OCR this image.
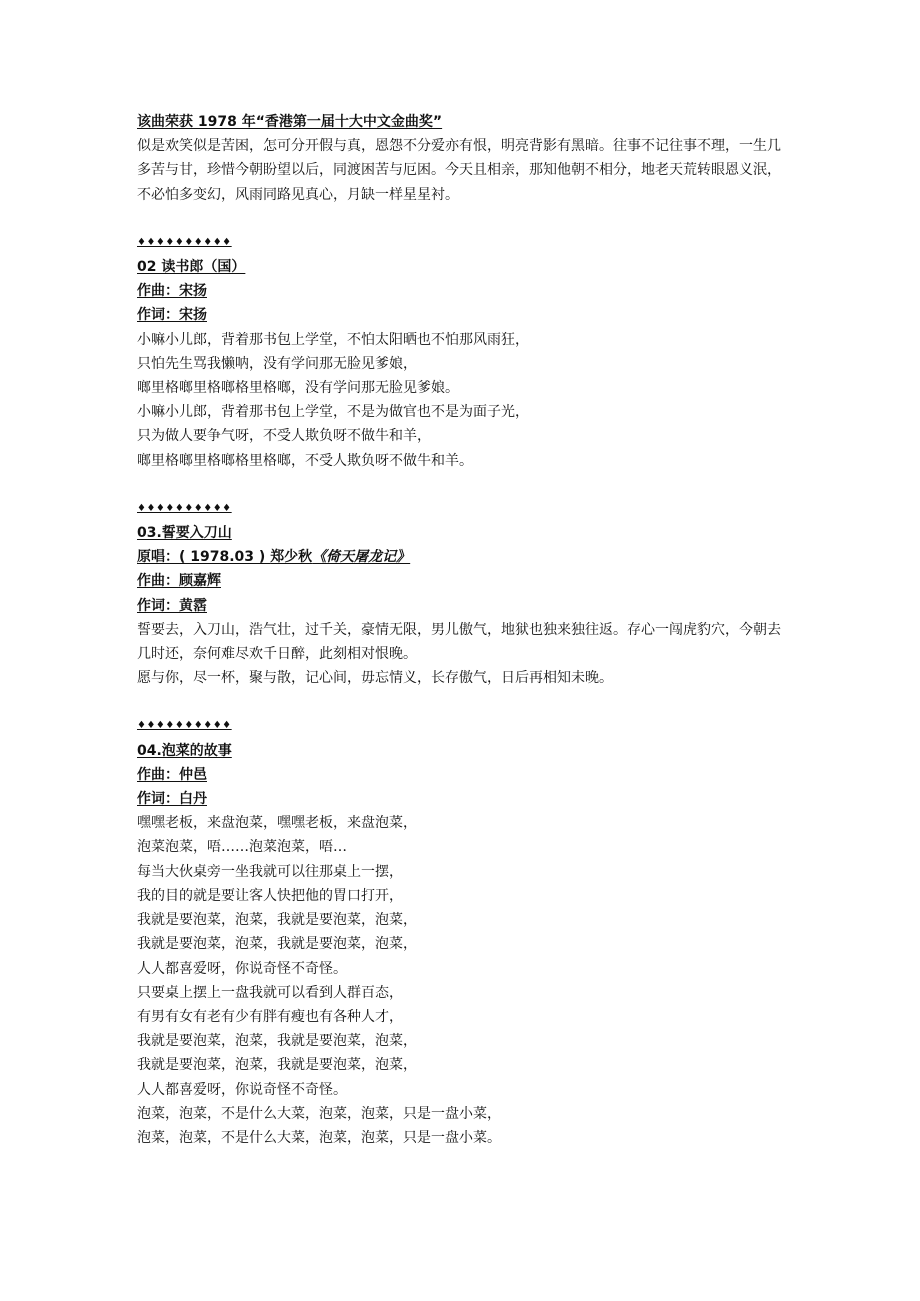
该曲荣获 1978 年“香港第一届十大中文金曲奖”

似是欢笑似是苦困，怎可分开假与真，恩怨不分爱亦有恨，明亮背影有黑暗。往事不记往事不理，一生几多苦与甘，珍惜今朝盼望以后，同渡困苦与厄困。今天且相亲，那知他朝不相分，地老天荒转眼恩义泯，不必怕多变幻，风雨同路见真心，月缺一样星星衬。

♦♦♦♦♦♦♦♦♦♦

02 读书郎（国）

作曲：宋扬

作词：宋扬

小嘛小儿郎，背着那书包上学堂，不怕太阳晒也不怕那风雨狂，

只怕先生骂我懒呐，没有学问那无脸见爹娘，

啷里格啷里格啷格里格啷，没有学问那无脸见爹娘。

小嘛小儿郎，背着那书包上学堂，不是为做官也不是为面子光，

只为做人要争气呀，不受人欺负呀不做牛和羊，

啷里格啷里格啷格里格啷，不受人欺负呀不做牛和羊。

♦♦♦♦♦♦♦♦♦♦

03.誓要入刀山

原唱：( 1978.03 ) 郑少秋《倚天屠龙记》

作曲：顾嘉辉

作词：黄霑

誓要去，入刀山，浩气壮，过千关，豪情无限，男儿傲气，地狱也独来独往返。存心一闯虎豹穴，今朝去几时还，奈何难尽欢千日醉，此刻相对恨晚。

愿与你，尽一杯，聚与散，记心间，毋忘情义，长存傲气，日后再相知未晚。

♦♦♦♦♦♦♦♦♦♦

04.泡菜的故事

作曲：仲邑

作词：白丹

嘿嘿老板，来盘泡菜，嘿嘿老板，来盘泡菜，

泡菜泡菜，唔……泡菜泡菜，唔…

每当大伙桌旁一坐我就可以往那桌上一摆，

我的目的就是要让客人快把他的胃口打开，

我就是要泡菜，泡菜，我就是要泡菜，泡菜，

我就是要泡菜，泡菜，我就是要泡菜，泡菜，

人人都喜爱呀，你说奇怪不奇怪。

只要桌上摆上一盘我就可以看到人群百态，

有男有女有老有少有胖有瘦也有各种人才，

我就是要泡菜，泡菜，我就是要泡菜，泡菜，

我就是要泡菜，泡菜，我就是要泡菜，泡菜，

人人都喜爱呀，你说奇怪不奇怪。

泡菜，泡菜，不是什么大菜，泡菜，泡菜，只是一盘小菜，

泡菜，泡菜，不是什么大菜，泡菜，泡菜，只是一盘小菜。
